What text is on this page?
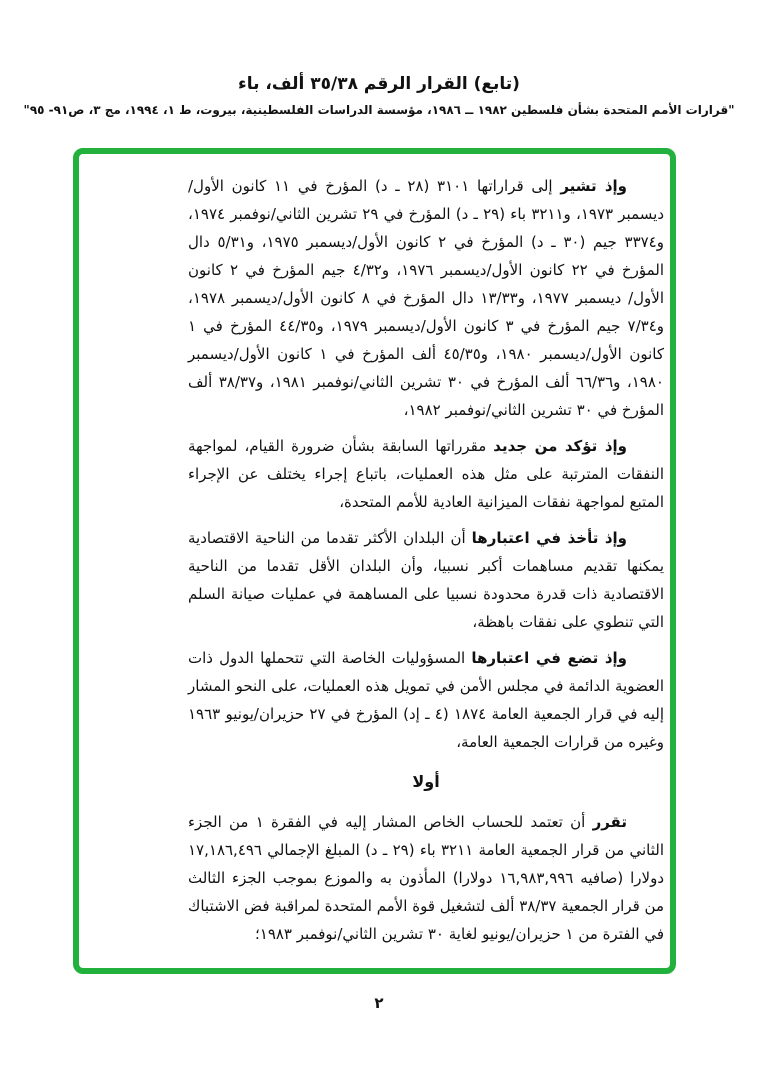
(تابع) القرار الرقم ٣٥/٣٨ ألف، باء
"قرارات الأمم المتحدة بشأن فلسطين ١٩٨٢ ــ ١٩٨٦، مؤسسة الدراسات الفلسطينية، بيروت، ط ١، ١٩٩٤، مج ٣، ص٩١- ٩٥"

وإذ تشير إلى قراراتها ٣١٠١ ‭(د ـ ٢٨)‬ المؤرخ في ١١ كانون الأول/ديسمبر ١٩٧٣، و٣٢١١ باء ‭(د ـ ٢٩)‬ المؤرخ في ٢٩ تشرين الثاني/نوفمبر ١٩٧٤، و٣٣٧٤ جيم ‭(د ـ ٣٠)‬ المؤرخ في ٢ كانون الأول/ديسمبر ١٩٧٥، و٥/٣١ دال المؤرخ في ٢٢ كانون الأول/ديسمبر ١٩٧٦، و٤/٣٢ جيم المؤرخ في ٢ كانون الأول/ ديسمبر ١٩٧٧، و١٣/٣٣ دال المؤرخ في ٨ كانون الأول/ديسمبر ١٩٧٨، و٧/٣٤ جيم المؤرخ في ٣ كانون الأول/ديسمبر ١٩٧٩، و٤٤/٣٥ المؤرخ في ١ كانون الأول/ديسمبر ١٩٨٠، و٤٥/٣٥ ألف المؤرخ في ١ كانون الأول/ديسمبر ١٩٨٠، و٦٦/٣٦ ألف المؤرخ في ٣٠ تشرين الثاني/نوفمبر ١٩٨١، و٣٨/٣٧ ألف المؤرخ في ٣٠ تشرين الثاني/نوفمبر ١٩٨٢،

وإذ تؤكد من جديد مقرراتها السابقة بشأن ضرورة القيام، لمواجهة النفقات المترتبة على مثل هذه العمليات، باتباع إجراء يختلف عن الإجراء المتبع لمواجهة نفقات الميزانية العادية للأمم المتحدة،

وإذ تأخذ في اعتبارها أن البلدان الأكثر تقدما من الناحية الاقتصادية يمكنها تقديم مساهمات أكبر نسبيا، وأن البلدان الأقل تقدما من الناحية الاقتصادية ذات قدرة محدودة نسبيا على المساهمة في عمليات صيانة السلم التي تنطوي على نفقات باهظة،

وإذ تضع في اعتبارها المسؤوليات الخاصة التي تتحملها الدول ذات العضوية الدائمة في مجلس الأمن في تمويل هذه العمليات، على النحو المشار إليه في قرار الجمعية العامة ١٨٧٤ ‭(دإ ـ ٤)‬ المؤرخ في ٢٧ حزيران/يونيو ١٩٦٣ وغيره من قرارات الجمعية العامة،

أولا

تقرر أن تعتمد للحساب الخاص المشار إليه في الفقرة ١ من الجزء الثاني من قرار الجمعية العامة ٣٢١١ باء ‭(د ـ ٢٩)‬ المبلغ الإجمالي ١٧,١٨٦,٤٩٦ دولارا (صافيه ١٦,٩٨٣,٩٩٦ دولارا) المأذون به والموزع بموجب الجزء الثالث من قرار الجمعية ٣٨/٣٧ ألف لتشغيل قوة الأمم المتحدة لمراقبة فض الاشتباك في الفترة من ١ حزيران/يونيو لغاية ٣٠ تشرين الثاني/نوفمبر ١٩٨٣؛

٢
